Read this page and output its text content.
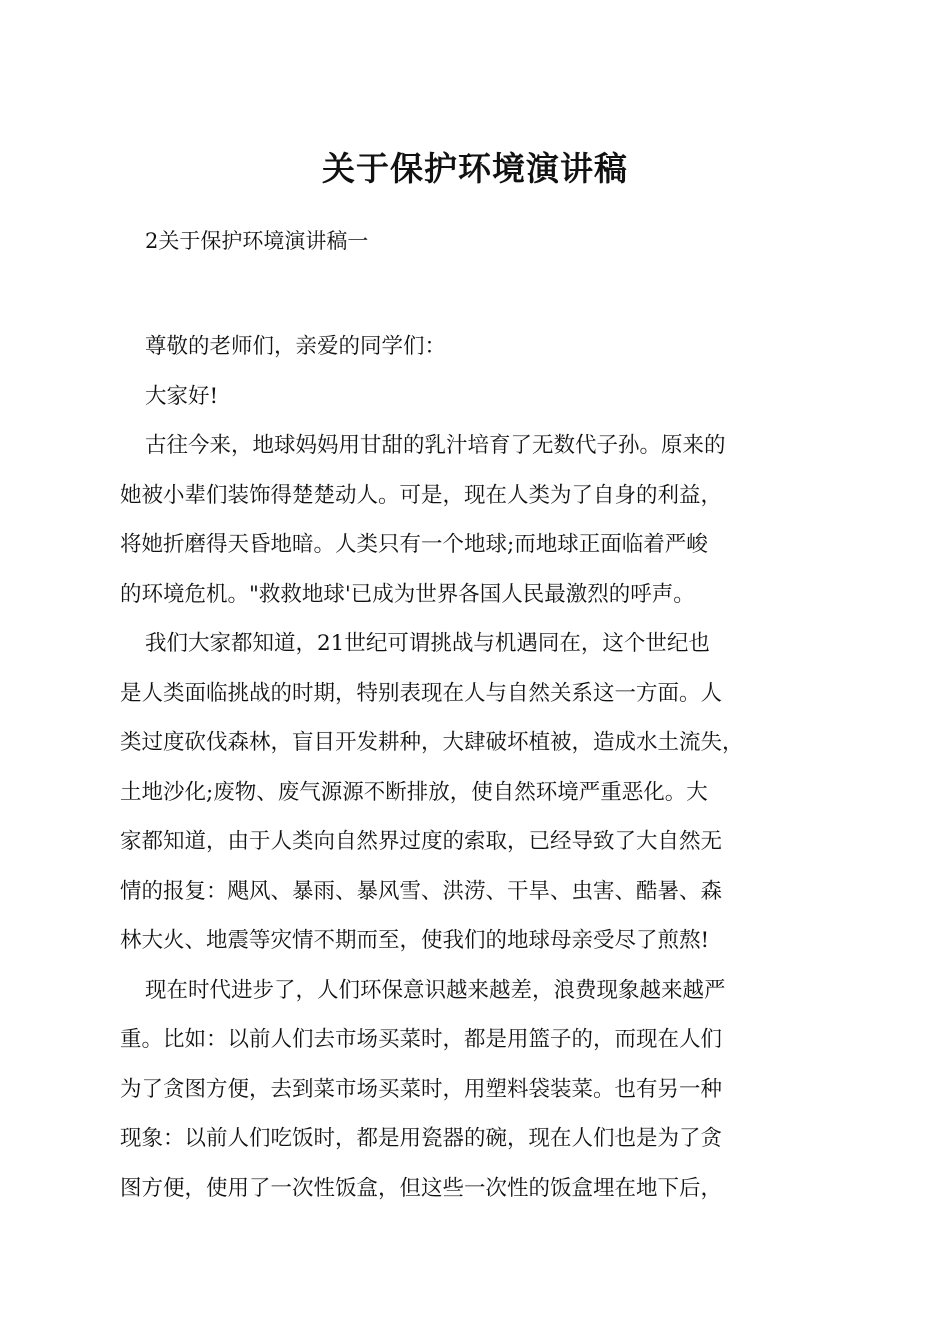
关于保护环境演讲稿

2关于保护环境演讲稿一

尊敬的老师们，亲爱的同学们：

大家好!

古往今来，地球妈妈用甘甜的乳汁培育了无数代子孙。原来的

她被小辈们装饰得楚楚动人。可是，现在人类为了自身的利益，

将她折磨得天昏地暗。人类只有一个地球;而地球正面临着严峻

的环境危机。"救救地球'已成为世界各国人民最激烈的呼声。

我们大家都知道，21世纪可谓挑战与机遇同在，这个世纪也

是人类面临挑战的时期，特别表现在人与自然关系这一方面。人

类过度砍伐森林，盲目开发耕种，大肆破坏植被，造成水土流失，

土地沙化;废物、废气源源不断排放，使自然环境严重恶化。大

家都知道，由于人类向自然界过度的索取，已经导致了大自然无

情的报复：飓风、暴雨、暴风雪、洪涝、干旱、虫害、酷暑、森

林大火、地震等灾情不期而至，使我们的地球母亲受尽了煎熬!

现在时代进步了，人们环保意识越来越差，浪费现象越来越严

重。比如：以前人们去市场买菜时，都是用篮子的，而现在人们

为了贪图方便，去到菜市场买菜时，用塑料袋装菜。也有另一种

现象：以前人们吃饭时，都是用瓷器的碗，现在人们也是为了贪

图方便，使用了一次性饭盒，但这些一次性的饭盒埋在地下后，
